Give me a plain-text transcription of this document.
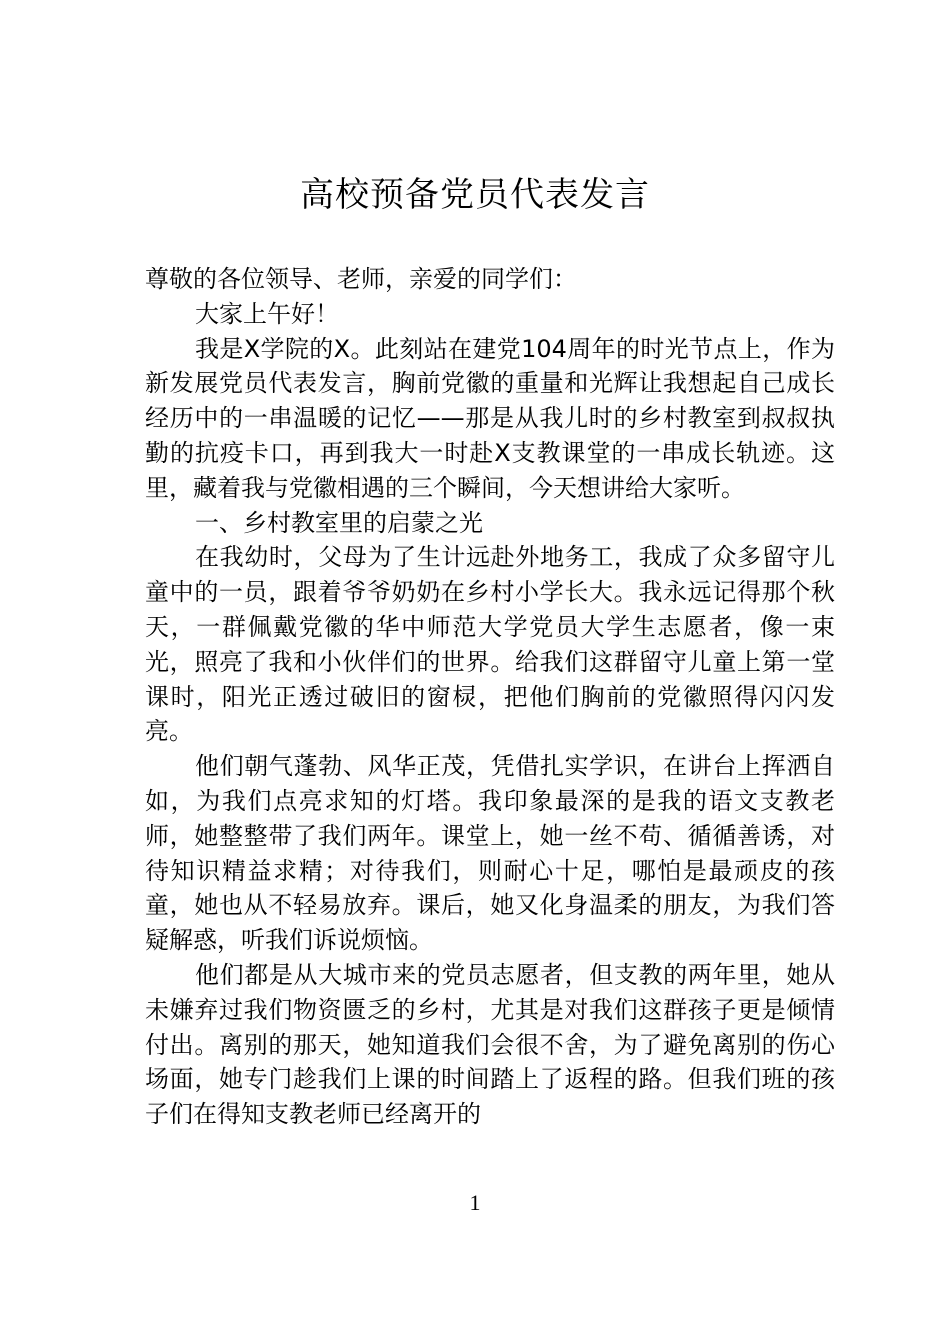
高校预备党员代表发言

尊敬的各位领导、老师，亲爱的同学们：

大家上午好！

我是X学院的X。此刻站在建党104周年的时光节点上，作为新发展党员代表发言，胸前党徽的重量和光辉让我想起自己成长经历中的一串温暖的记忆——那是从我儿时的乡村教室到叔叔执勤的抗疫卡口，再到我大一时赴X支教课堂的一串成长轨迹。这里，藏着我与党徽相遇的三个瞬间，今天想讲给大家听。

一、乡村教室里的启蒙之光

在我幼时，父母为了生计远赴外地务工，我成了众多留守儿童中的一员，跟着爷爷奶奶在乡村小学长大。我永远记得那个秋天，一群佩戴党徽的华中师范大学党员大学生志愿者，像一束光，照亮了我和小伙伴们的世界。给我们这群留守儿童上第一堂课时，阳光正透过破旧的窗棂，把他们胸前的党徽照得闪闪发亮。

他们朝气蓬勃、风华正茂，凭借扎实学识，在讲台上挥洒自如，为我们点亮求知的灯塔。我印象最深的是我的语文支教老师，她整整带了我们两年。课堂上，她一丝不苟、循循善诱，对待知识精益求精；对待我们，则耐心十足，哪怕是最顽皮的孩童，她也从不轻易放弃。课后，她又化身温柔的朋友，为我们答疑解惑，听我们诉说烦恼。

他们都是从大城市来的党员志愿者，但支教的两年里，她从未嫌弃过我们物资匮乏的乡村，尤其是对我们这群孩子更是倾情付出。离别的那天，她知道我们会很不舍，为了避免离别的伤心场面，她专门趁我们上课的时间踏上了返程的路。但我们班的孩子们在得知支教老师已经离开的

1
